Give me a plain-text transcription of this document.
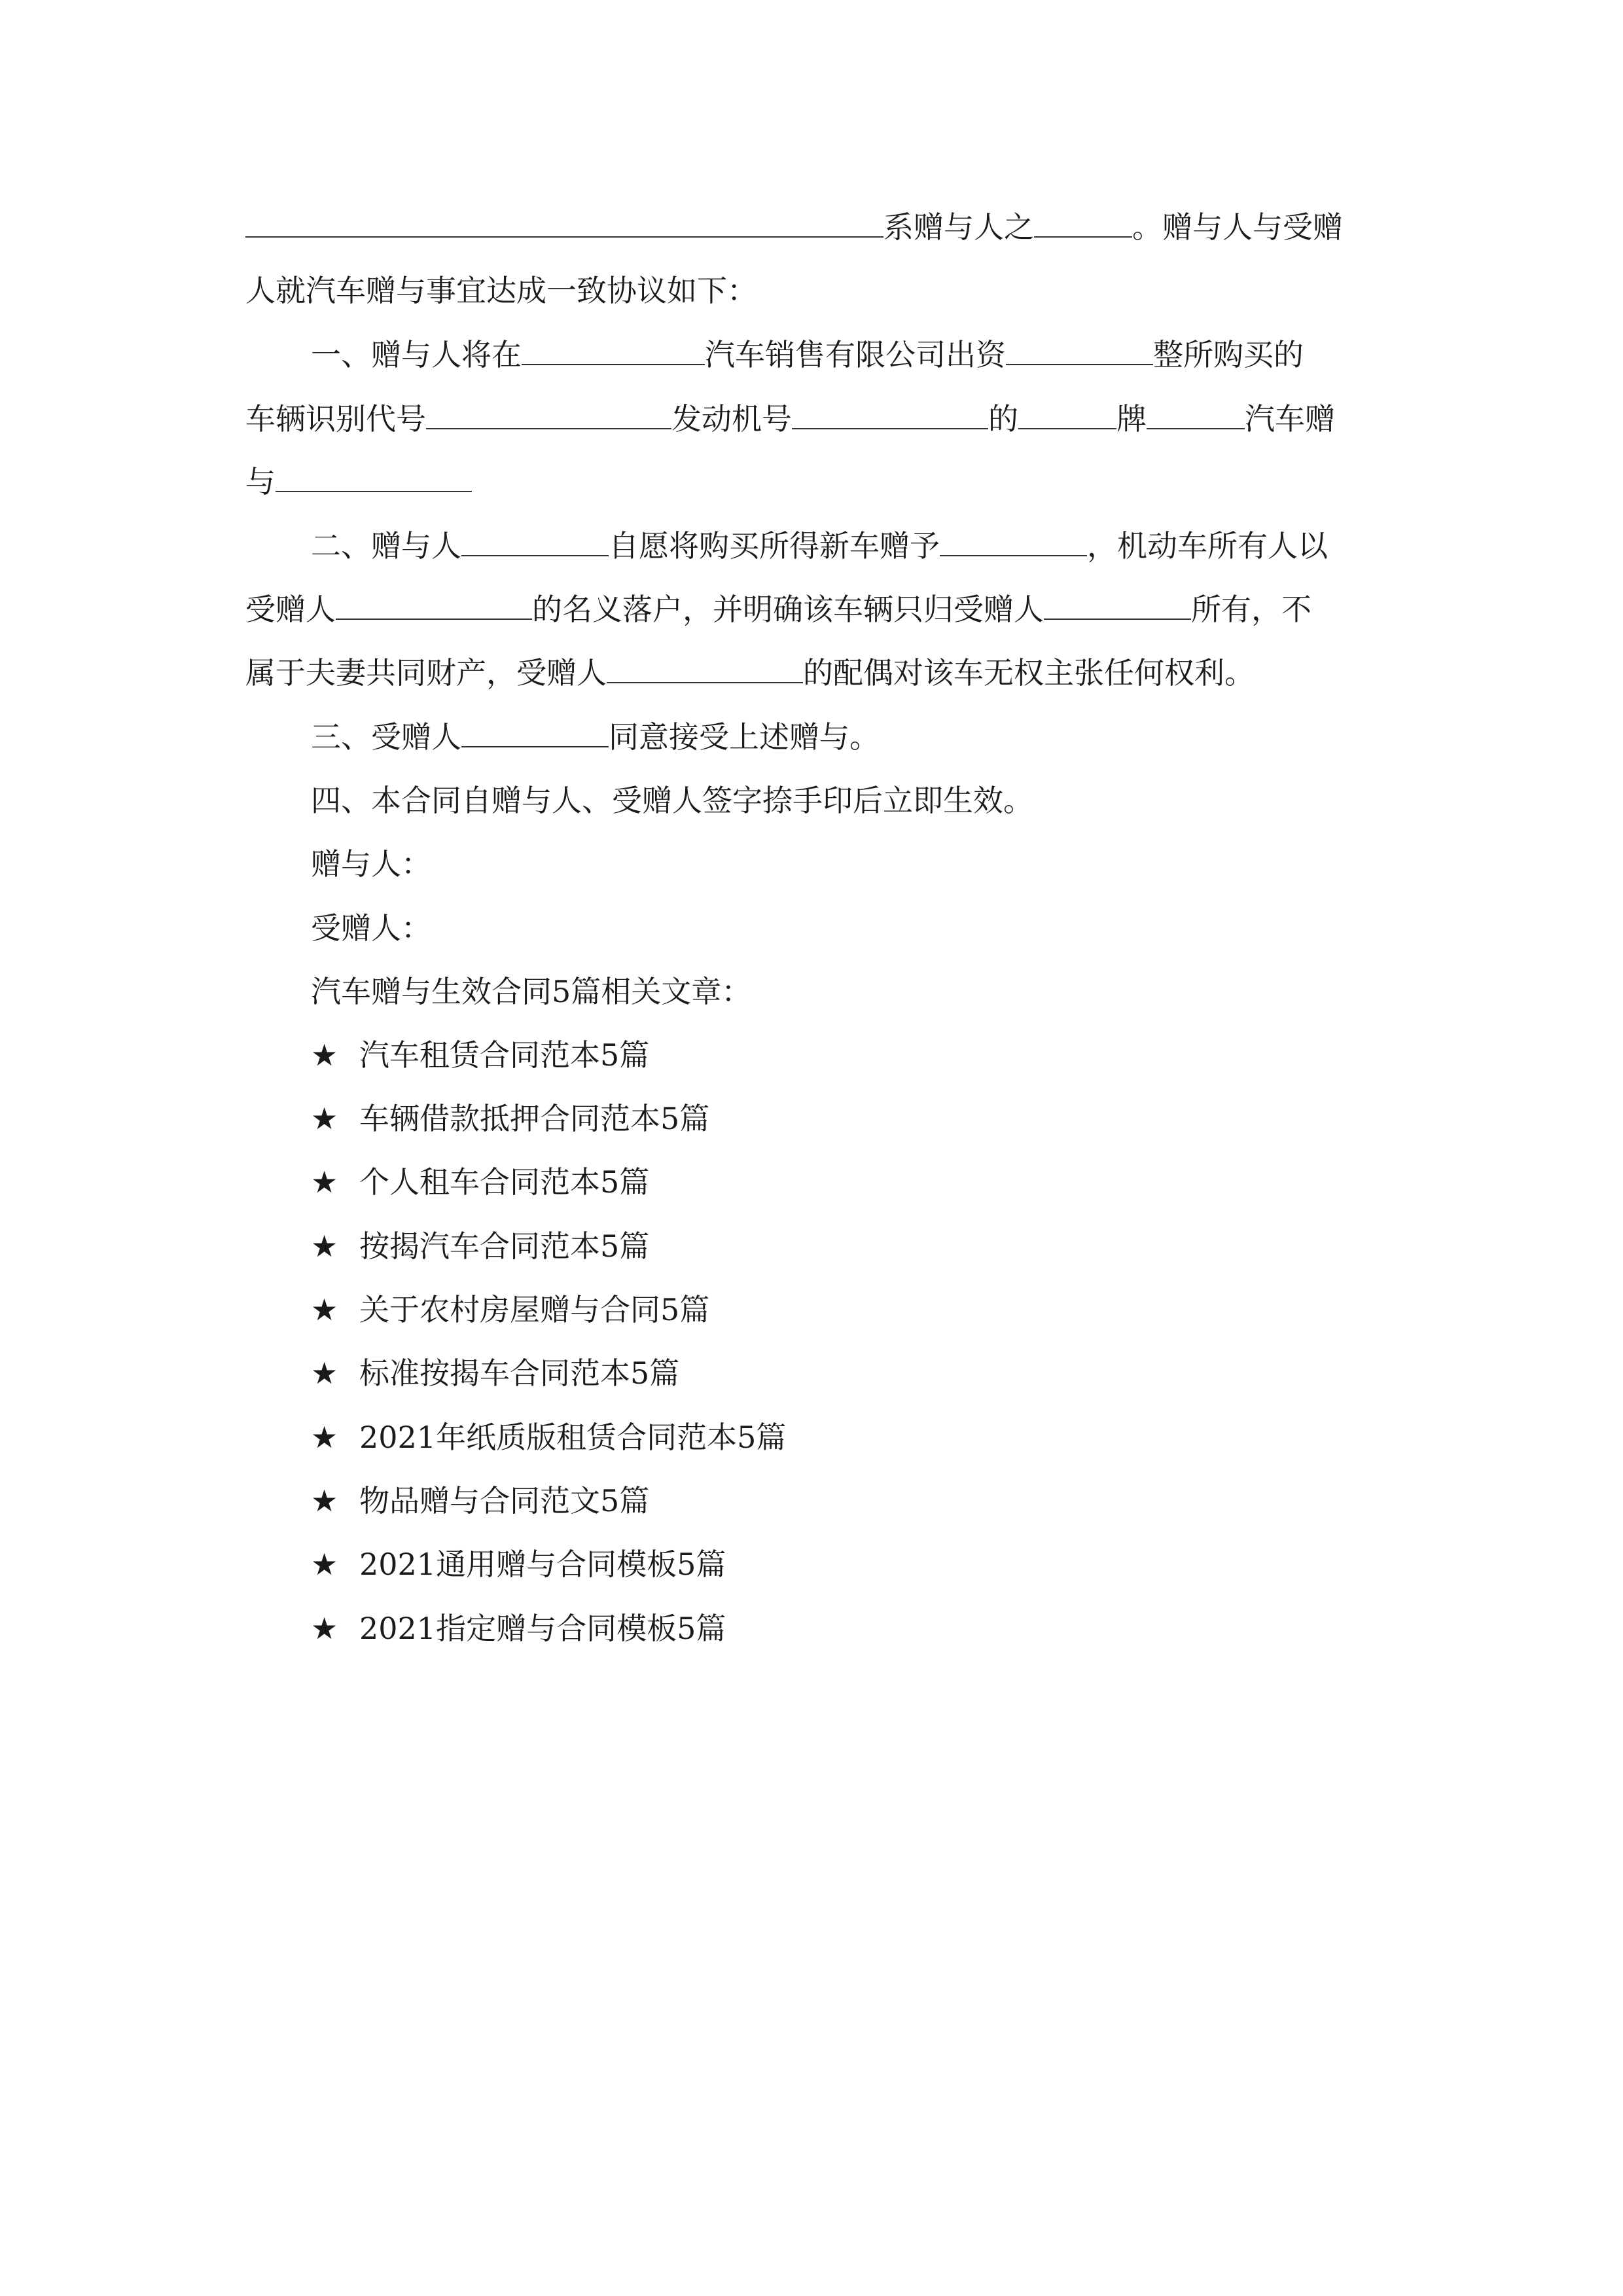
系赠与人之	。赠与人与受赠
人就汽车赠与事宜达成一致协议如下：
一、赠与人将在	汽车销售有限公司出资	整所购买的
车辆识别代号	发动机号	的	牌	汽车赠
与
二、赠与人	自愿将购买所得新车赠予	，机动车所有人以
受赠人	的名义落户，并明确该车辆只归受赠人	所有，不
属于夫妻共同财产，受赠人	的配偶对该车无权主张任何权利。
三、受赠人	同意接受上述赠与。
四、本合同自赠与人、受赠人签字捺手印后立即生效。
赠与人：
受赠人：
汽车赠与生效合同5篇相关文章：
★ 汽车租赁合同范本5篇
★ 车辆借款抵押合同范本5篇
★ 个人租车合同范本5篇
★ 按揭汽车合同范本5篇
★ 关于农村房屋赠与合同5篇
★ 标准按揭车合同范本5篇
★ 2021年纸质版租赁合同范本5篇
★ 物品赠与合同范文5篇
★ 2021通用赠与合同模板5篇
★ 2021指定赠与合同模板5篇
